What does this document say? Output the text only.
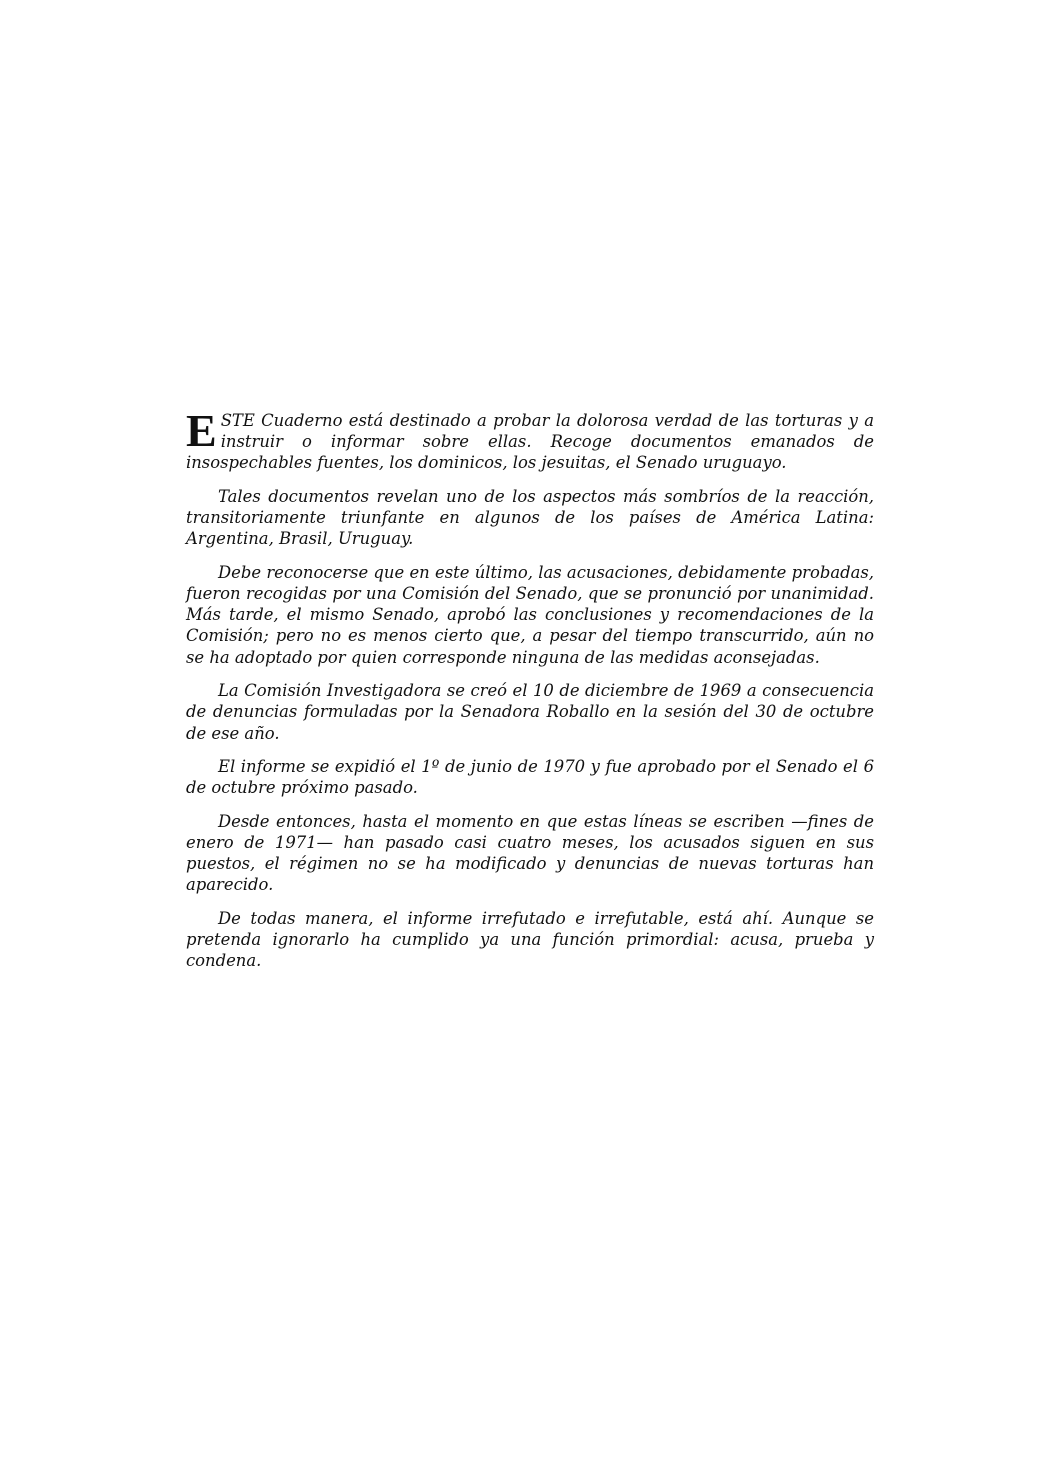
ESTE Cuaderno está destinado a probar la dolorosa verdad de las torturas y a instruir o informar sobre ellas. Recoge documentos emanados de insospechables fuentes, los dominicos, los jesuitas, el Senado uruguayo.

Tales documentos revelan uno de los aspectos más sombríos de la reacción, transitoriamente triunfante en algunos de los países de América Latina: Argentina, Brasil, Uruguay.

Debe reconocerse que en este último, las acusaciones, debidamente probadas, fueron recogidas por una Comisión del Senado, que se pronunció por unanimidad. Más tarde, el mismo Senado, aprobó las conclusiones y recomendaciones de la Comisión; pero no es menos cierto que, a pesar del tiempo transcurrido, aún no se ha adoptado por quien corresponde ninguna de las medidas aconsejadas.

La Comisión Investigadora se creó el 10 de diciembre de 1969 a consecuencia de denuncias formuladas por la Senadora Roballo en la sesión del 30 de octubre de ese año.

El informe se expidió el 1º de junio de 1970 y fue aprobado por el Senado el 6 de octubre próximo pasado.

Desde entonces, hasta el momento en que estas líneas se escriben —fines de enero de 1971— han pasado casi cuatro meses, los acusados siguen en sus puestos, el régimen no se ha modificado y denuncias de nuevas torturas han aparecido.

De todas manera, el informe irrefutado e irrefutable, está ahí. Aunque se pretenda ignorarlo ha cumplido ya una función primordial: acusa, prueba y condena.
